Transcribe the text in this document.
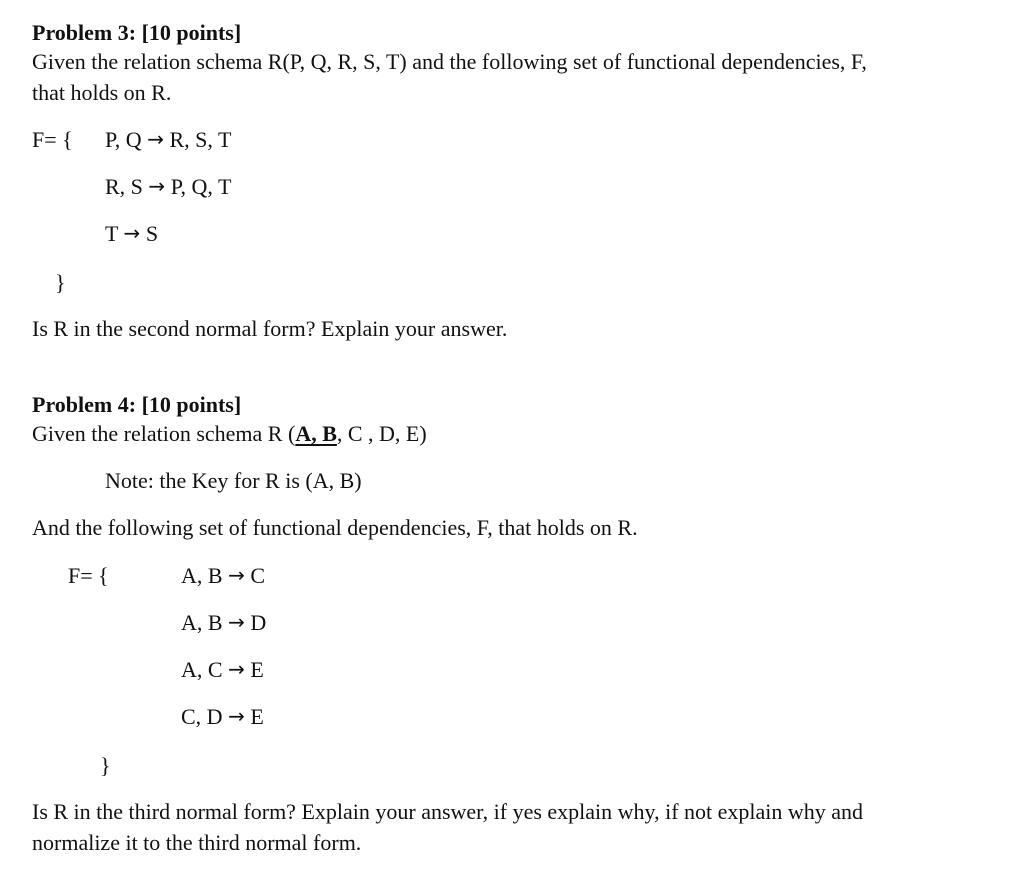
Problem 3: [10 points]
Given the relation schema R(P, Q, R, S, T) and the following set of functional dependencies, F,
that holds on R.
F= { P, Q → R, S, T
R, S → P, Q, T
T → S
}
Is R in the second normal form? Explain your answer.
Problem 4: [10 points]
Given the relation schema R (A, B, C , D, E)
Note: the Key for R is (A, B)
And the following set of functional dependencies, F, that holds on R.
F= {	A, B → C
A, B → D
A, C → E
C, D → E
}
Is R in the third normal form? Explain your answer, if yes explain why, if not explain why and
normalize it to the third normal form.
